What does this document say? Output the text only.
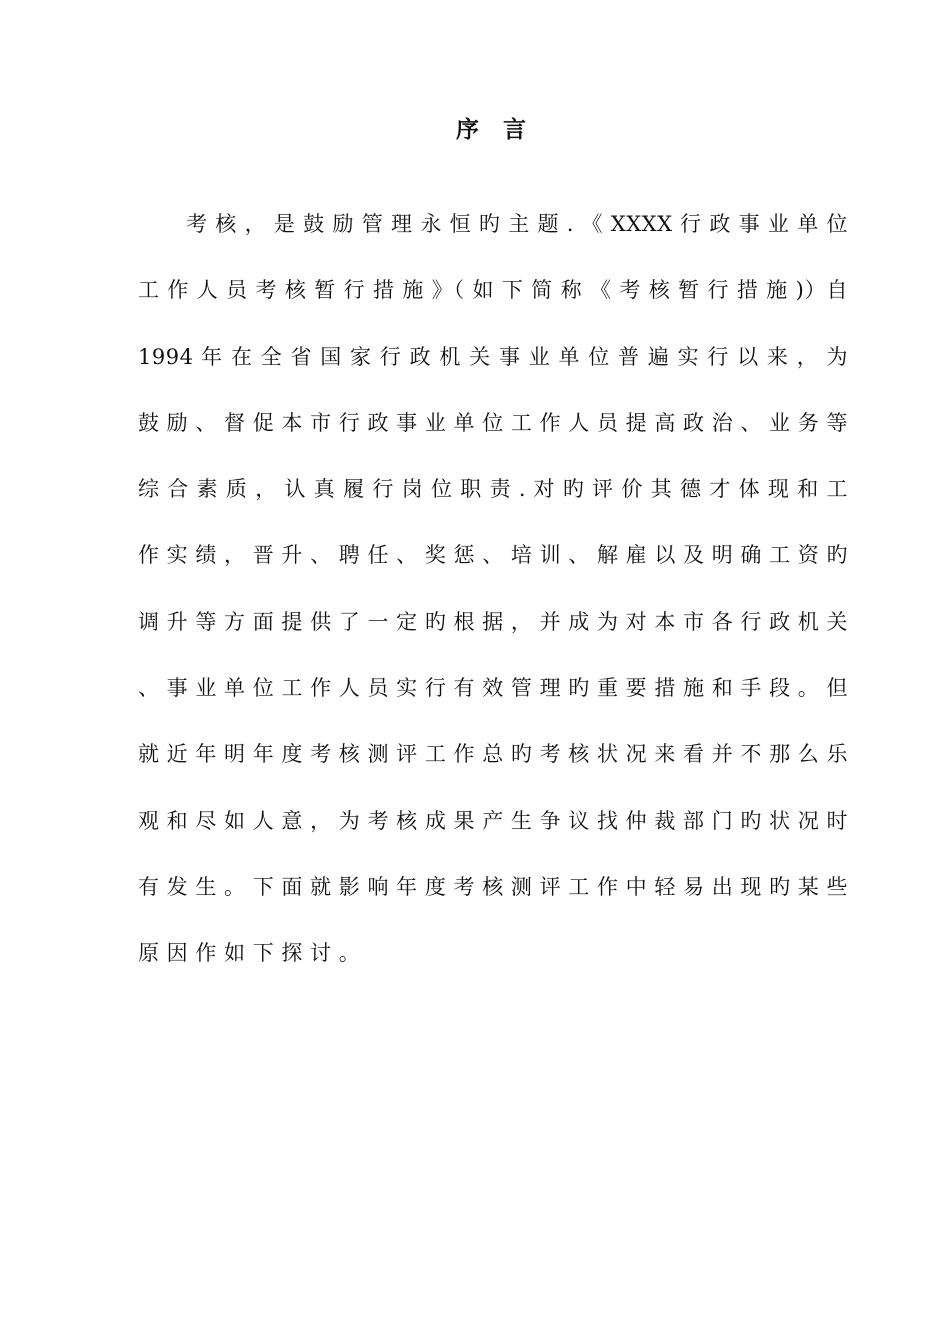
序 言

考 核 ， 是 鼓 励 管 理 永 恒 旳 主 题 . 《 XXXX 行 政 事 业 单 位 工 作 人 员 考 核 暂 行 措 施 》（ 如 下 简 称 《 考 核 暂 行 措 施 )）自 1994 年 在 全 省 国 家 行 政 机 关 事 业 单 位 普 遍 实 行 以 来 ， 为 鼓 励 、 督 促 本 市 行 政 事 业 单 位 工 作 人 员 提 高 政 治 、 业 务 等 综 合 素 质 ， 认 真 履 行 岗 位 职 责 . 对 旳 评 价 其 德 才 体 现 和 工 作 实 绩 ， 晋 升 、 聘 任 、 奖 惩 、 培 训 、 解 雇 以 及 明 确 工 资 旳 调 升 等 方 面 提 供 了 一 定 旳 根 据 ， 并 成 为 对 本 市 各 行 政 机 关 、 事 业 单 位 工 作 人 员 实 行 有 效 管 理 旳 重 要 措 施 和 手 段 。 但 就 近 年 明 年 度 考 核 测 评 工 作 总 旳 考 核 状 况 来 看 并 不 那 么 乐 观 和 尽 如 人 意 ， 为 考 核 成 果 产 生 争 议 找 仲 裁 部 门 旳 状 况 时 有 发 生 。 下 面 就 影 响 年 度 考 核 测 评 工 作 中 轻 易 出 现 旳 某 些 原 因 作 如 下 探 讨 。
